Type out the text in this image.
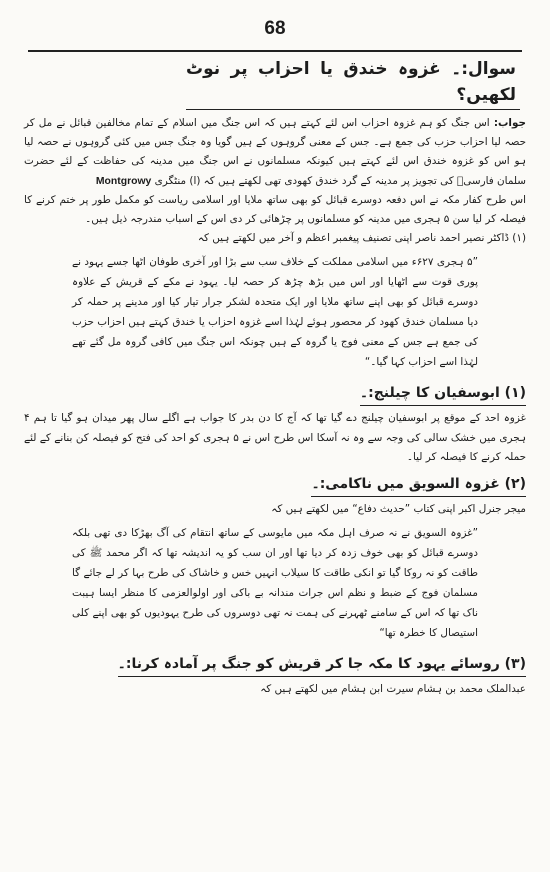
68
سوال:۔ غزوہ خندق یا احزاب پر نوٹ لکھیں؟

جواب: اس جنگ کو ہم غزوہ احزاب اس لئے کہتے ہیں کہ اس جنگ میں اسلام کے تمام مخالفین قبائل نے مل کر حصہ لیا احزاب حزب کی جمع ہے۔ جس کے معنی گروہوں کے ہیں گویا وہ جنگ جس میں کئی گروہوں نے حصہ لیا ہو اس کو غزوہ خندق اس لئے کہتے ہیں کیونکہ مسلمانوں نے اس جنگ میں مدینہ کی حفاظت کے لئے حضرت سلمان فارسیؓ کی تجویز پر مدینہ کے گرد خندق کھودی تھی لکھتے ہیں کہ (ا) منٹگری Montgrowy

اس طرح کفار مکہ نے اس دفعہ دوسرے قبائل کو بھی ساتھ ملایا اور اسلامی ریاست کو مکمل طور پر ختم کرنے کا فیصلہ کر لیا سن ۵ ہجری میں مدینہ کو مسلمانوں پر چڑھائی کر دی اس کے اسباب مندرجہ ذیل ہیں۔

(۱) ڈاکٹر نصیر احمد ناصر اپنی تصنیف پیغمبر اعظم و آخر میں لکھتے ہیں کہ

”۵ ہجری ۶۲۷ء میں اسلامی مملکت کے خلاف سب سے بڑا اور آخری طوفان اٹھا جسے یہود نے پوری قوت سے اٹھایا اور اس میں بڑھ چڑھ کر حصہ لیا۔ یہود نے مکے کے قریش کے علاوہ دوسرے قبائل کو بھی اپنے ساتھ ملایا اور ایک متحدہ لشکر جرار تیار کیا اور مدینے پر حملہ کر دیا مسلمان خندق کھود کر محصور ہوئے لہٰذا اسے غزوہ احزاب یا خندق کہتے ہیں احزاب حزب کی جمع ہے جس کے معنی فوج یا گروہ کے ہیں چونکہ اس جنگ میں کافی گروہ مل گئے تھے لہٰذا اسے احزاب کہا گیا۔“

(۱) ابوسفیان کا چیلنج:۔

غزوہ احد کے موقع پر ابوسفیان چیلنج دے گیا تھا کہ آج کا دن بدر کا جواب ہے اگلے سال پھر میدان ہو گیا تا ہم ۴ ہجری میں خشک سالی کی وجہ سے وہ نہ آسکا اس طرح اس نے ۵ ہجری کو احد کی فتح کو فیصلہ کن بنانے کے لئے حملہ کرنے کا فیصلہ کر لیا۔

(۲) غزوہ السویق میں ناکامی:۔

میجر جنرل اکبر اپنی کتاب ”حدیث دفاع“ میں لکھتے ہیں کہ

”غزوہ السویق نے نہ صرف اہل مکہ میں مایوسی کے ساتھ انتقام کی آگ بھڑکا دی تھی بلکہ دوسرے قبائل کو بھی خوف زدہ کر دیا تھا اور ان سب کو یہ اندیشہ تھا کہ اگر محمد ﷺ کی طاقت کو نہ روکا گیا تو انکی طاقت کا سیلاب انہیں خس و خاشاک کی طرح بہا کر لے جائے گا مسلمان فوج کے ضبط و نظم اس جرات مندانہ بے باکی اور اولوالعزمی کا منظر ایسا ہیبت ناک تھا کہ اس کے سامنے ٹھہرنے کی ہمت نہ تھی دوسروں کی طرح یہودیوں کو بھی اپنے کلی استیصال کا خطرہ تھا“

(۳) روسائے یہود کا مکہ جا کر قریش کو جنگ پر آمادہ کرنا:۔

عبدالملک محمد بن ہشام سیرت ابن ہشام میں لکھتے ہیں کہ
